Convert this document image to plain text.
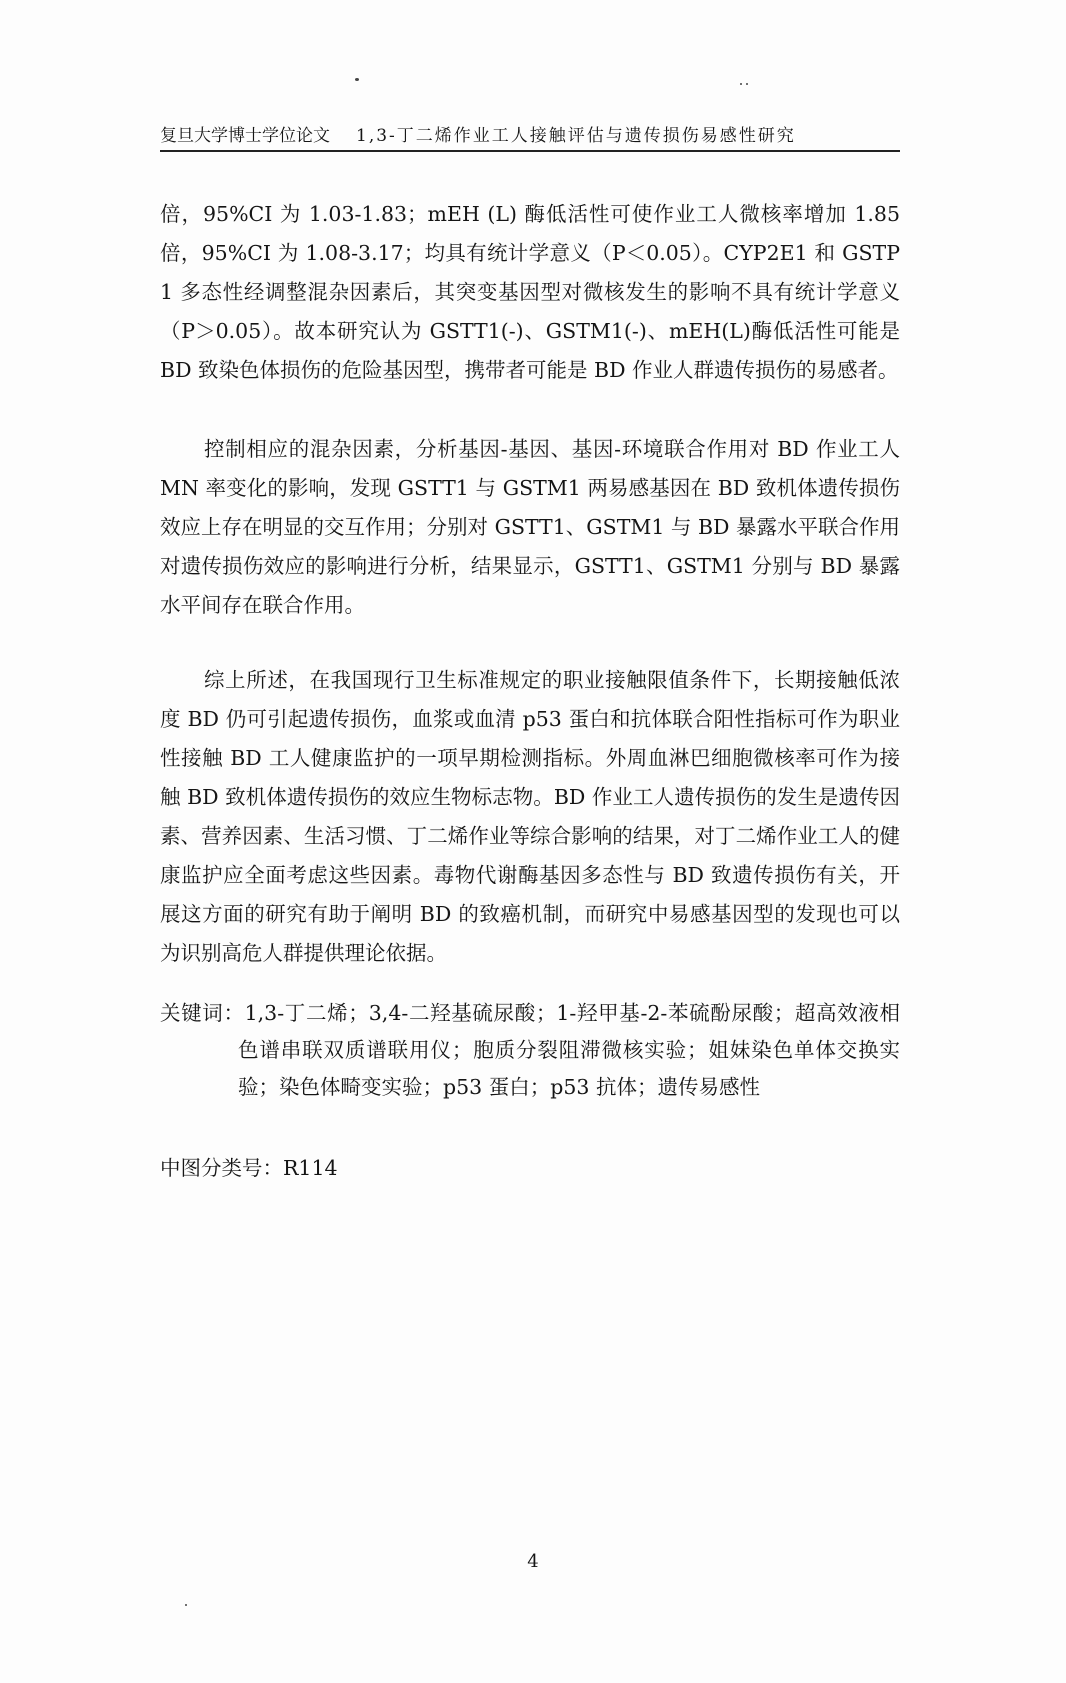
复旦大学博士学位论文 1,3-丁二烯作业工人接触评估与遗传损伤易感性研究

倍，95%CI 为 1.03-1.83；mEH (L) 酶低活性可使作业工人微核率增加 1.85 倍，95%CI 为 1.08-3.17；均具有统计学意义（P＜0.05）。CYP2E1 和 GSTP1 多态性经调整混杂因素后，其突变基因型对微核发生的影响不具有统计学意义（P＞0.05）。故本研究认为 GSTT1(-)、GSTM1(-)、mEH(L)酶低活性可能是 BD 致染色体损伤的危险基因型，携带者可能是 BD 作业人群遗传损伤的易感者。

控制相应的混杂因素，分析基因-基因、基因-环境联合作用对 BD 作业工人 MN 率变化的影响，发现 GSTT1 与 GSTM1 两易感基因在 BD 致机体遗传损伤效应上存在明显的交互作用；分别对 GSTT1、GSTM1 与 BD 暴露水平联合作用对遗传损伤效应的影响进行分析，结果显示，GSTT1、GSTM1 分别与 BD 暴露水平间存在联合作用。

综上所述，在我国现行卫生标准规定的职业接触限值条件下，长期接触低浓度 BD 仍可引起遗传损伤，血浆或血清 p53 蛋白和抗体联合阳性指标可作为职业性接触 BD 工人健康监护的一项早期检测指标。外周血淋巴细胞微核率可作为接触 BD 致机体遗传损伤的效应生物标志物。BD 作业工人遗传损伤的发生是遗传因素、营养因素、生活习惯、丁二烯作业等综合影响的结果，对丁二烯作业工人的健康监护应全面考虑这些因素。毒物代谢酶基因多态性与 BD 致遗传损伤有关，开展这方面的研究有助于阐明 BD 的致癌机制，而研究中易感基因型的发现也可以为识别高危人群提供理论依据。

关键词：1,3-丁二烯；3,4-二羟基硫尿酸；1-羟甲基-2-苯硫酚尿酸；超高效液相色谱串联双质谱联用仪；胞质分裂阻滞微核实验；姐妹染色单体交换实验；染色体畸变实验；p53 蛋白；p53 抗体；遗传易感性
中图分类号：R114
4
